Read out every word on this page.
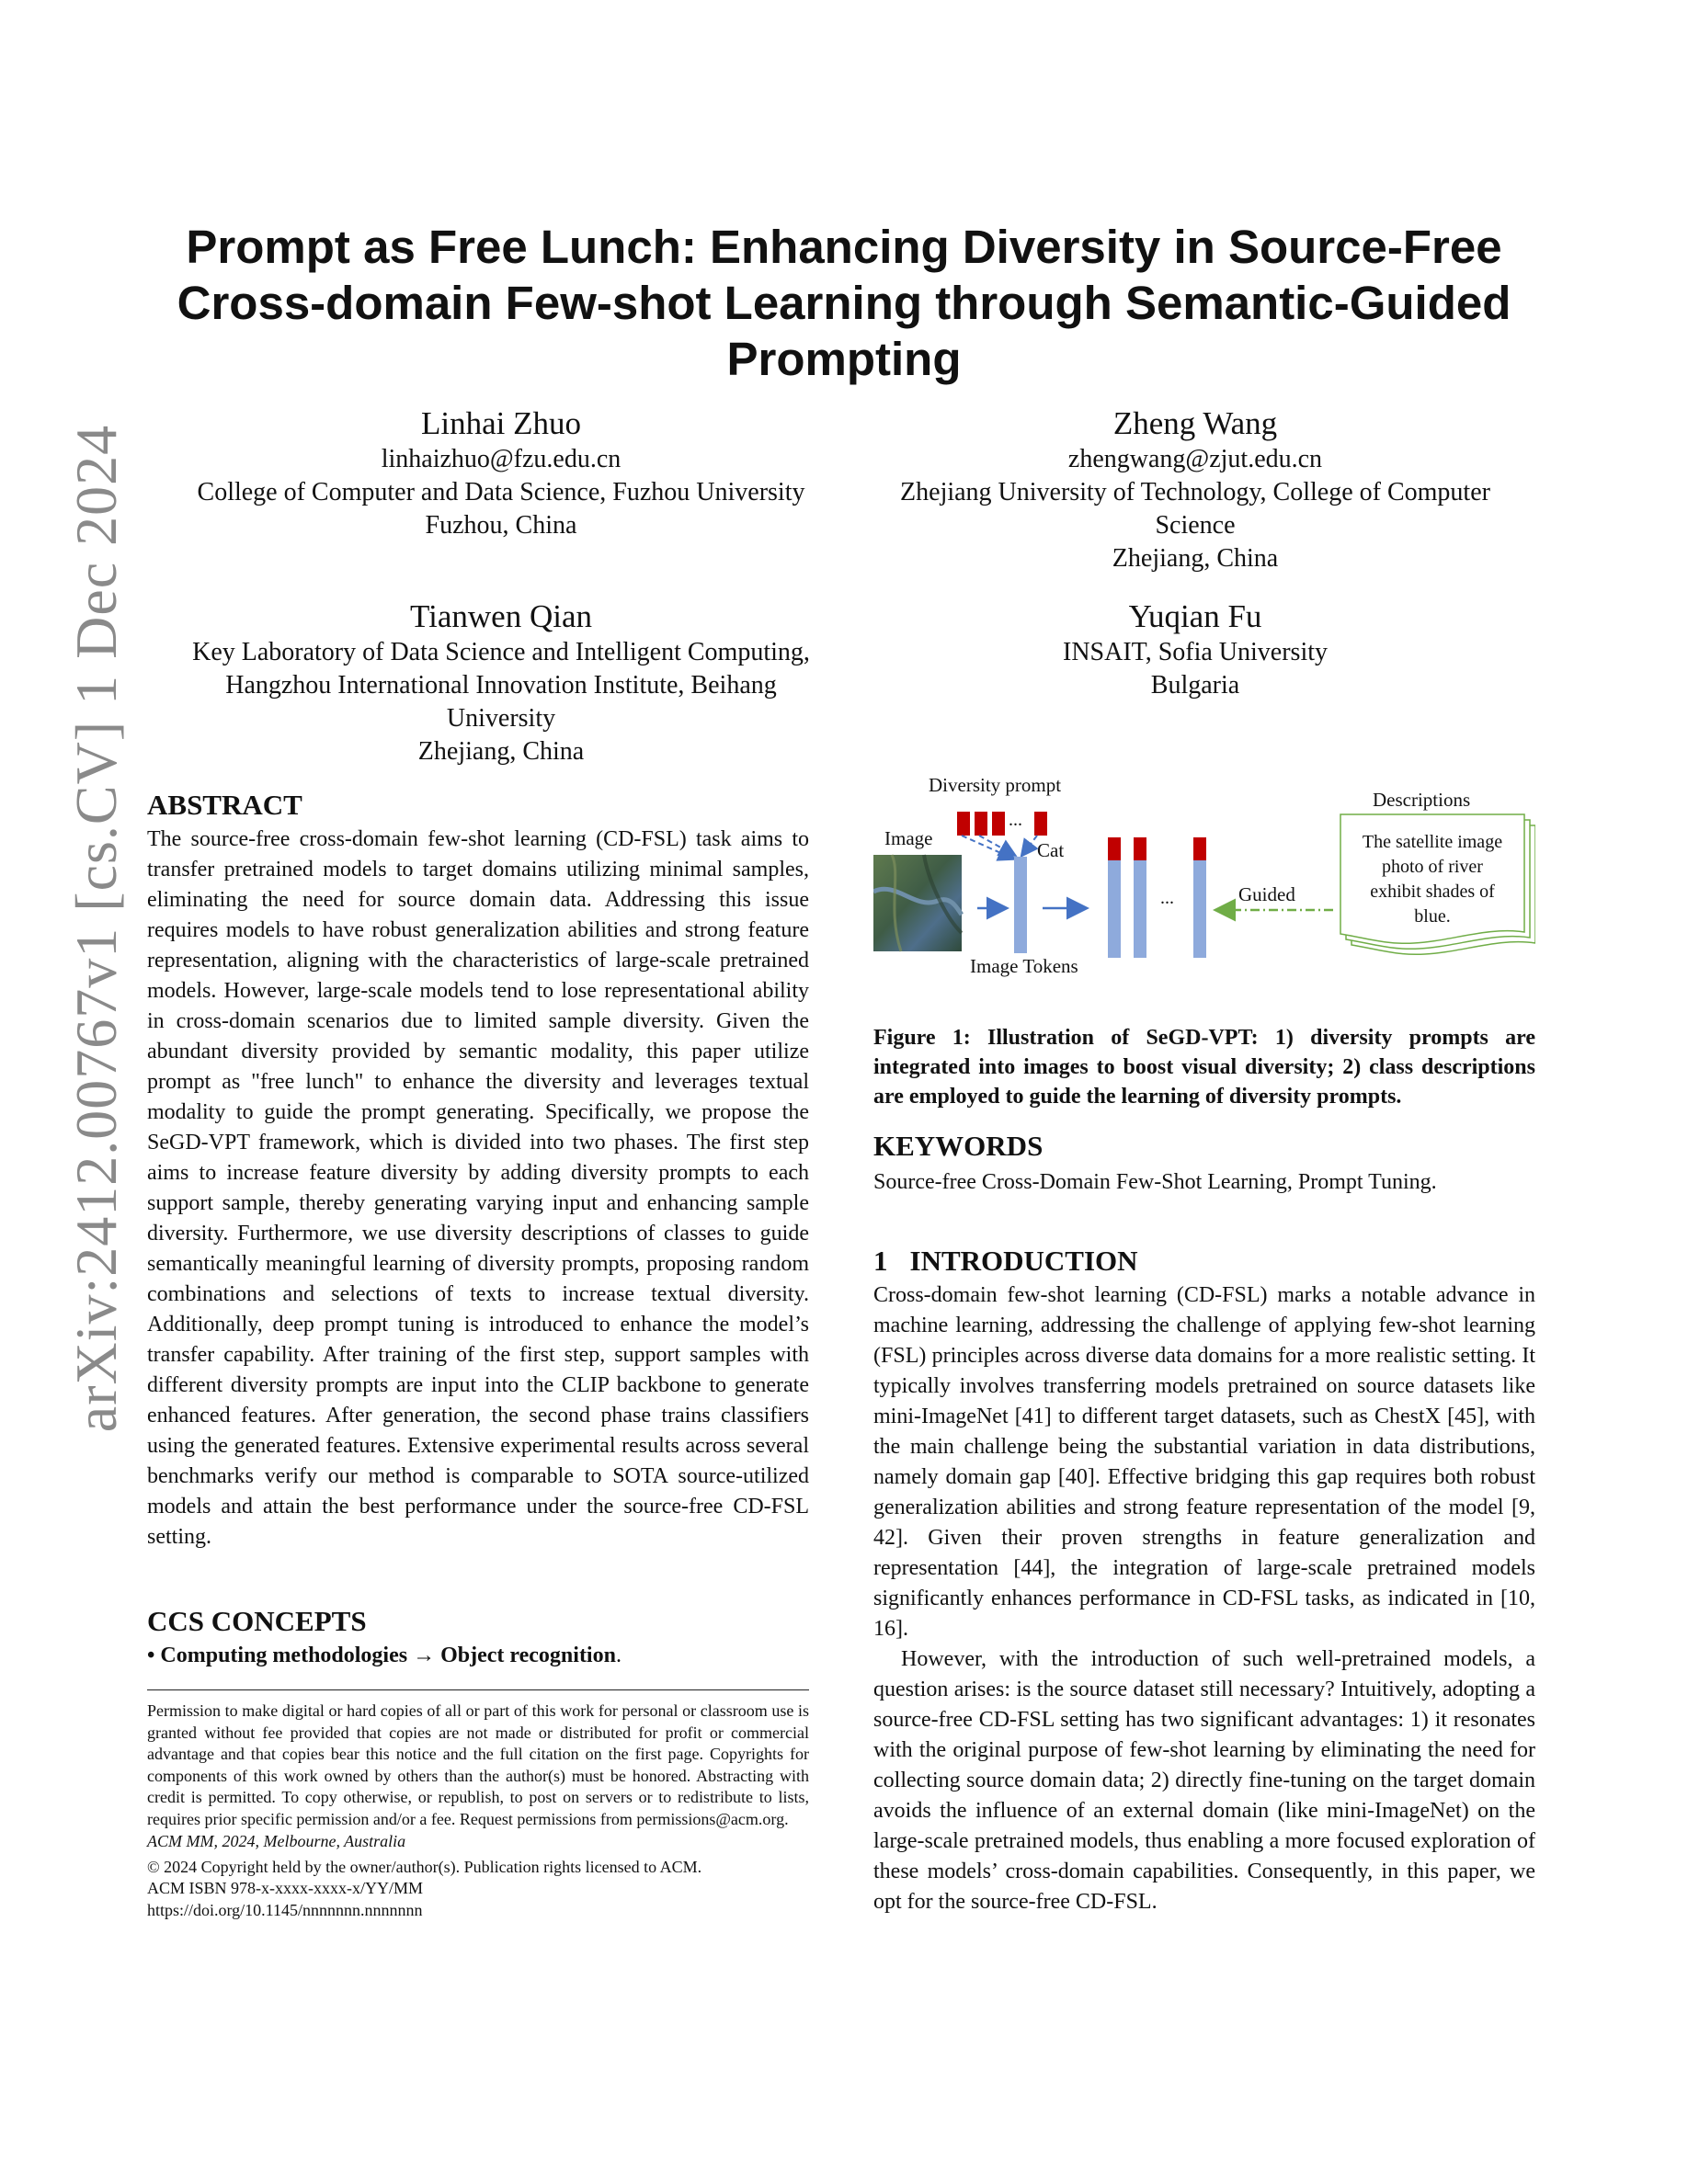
arXiv:2412.00767v1 [cs.CV] 1 Dec 2024
Prompt as Free Lunch: Enhancing Diversity in Source-Free Cross-domain Few-shot Learning through Semantic-Guided Prompting
Linhai Zhuo
linhaizhuo@fzu.edu.cn
College of Computer and Data Science, Fuzhou University
Fuzhou, China
Zheng Wang
zhengwang@zjut.edu.cn
Zhejiang University of Technology, College of Computer
Science
Zhejiang, China
Tianwen Qian
Key Laboratory of Data Science and Intelligent Computing,
Hangzhou International Innovation Institute, Beihang
University
Zhejiang, China
Yuqian Fu
INSAIT, Sofia University
Bulgaria
ABSTRACT

The source-free cross-domain few-shot learning (CD-FSL) task aims to transfer pretrained models to target domains utilizing minimal samples, eliminating the need for source domain data. Addressing this issue requires models to have robust generalization abilities and strong feature representation, aligning with the characteristics of large-scale pretrained models. However, large-scale models tend to lose representational ability in cross-domain scenarios due to limited sample diversity. Given the abundant diversity provided by semantic modality, this paper utilize prompt as "free lunch" to enhance the diversity and leverages textual modality to guide the prompt generating. Specifically, we propose the SeGD-VPT framework, which is divided into two phases. The first step aims to increase feature diversity by adding diversity prompts to each support sample, thereby generating varying input and enhancing sample diversity. Furthermore, we use diversity descriptions of classes to guide semantically meaningful learning of diversity prompts, proposing random combinations and selections of texts to increase textual diversity. Additionally, deep prompt tuning is introduced to enhance the model’s transfer capability. After training of the first step, support samples with different diversity prompts are input into the CLIP backbone to generate enhanced features. After generation, the second phase trains classifiers using the generated features. Extensive experimental results across several benchmarks verify our method is comparable to SOTA source-utilized models and attain the best performance under the source-free CD-FSL setting.

CCS CONCEPTS
• Computing methodologies → Object recognition.

Permission to make digital or hard copies of all or part of this work for personal or classroom use is granted without fee provided that copies are not made or distributed for profit or commercial advantage and that copies bear this notice and the full citation on the first page. Copyrights for components of this work owned by others than the author(s) must be honored. Abstracting with credit is permitted. To copy otherwise, or republish, to post on servers or to redistribute to lists, requires prior specific permission and/or a fee. Request permissions from permissions@acm.org.

ACM MM, 2024, Melbourne, Australia

© 2024 Copyright held by the owner/author(s). Publication rights licensed to ACM.

ACM ISBN 978-x-xxxx-xxxx-x/YY/MM

https://doi.org/10.1145/nnnnnnn.nnnnnnn

Diversity prompt
Image
Cat
Image Tokens
Guided
Descriptions
...
...
The satellite image
photo of river
exhibit shades of
blue.
Figure 1: Illustration of SeGD-VPT: 1) diversity prompts are integrated into images to boost visual diversity; 2) class descriptions are employed to guide the learning of diversity prompts.
KEYWORDS

Source-free Cross-Domain Few-Shot Learning, Prompt Tuning.

1 INTRODUCTION

Cross-domain few-shot learning (CD-FSL) marks a notable advance in machine learning, addressing the challenge of applying few-shot learning (FSL) principles across diverse data domains for a more realistic setting. It typically involves transferring models pretrained on source datasets like mini-ImageNet [41] to different target datasets, such as ChestX [45], with the main challenge being the substantial variation in data distributions, namely domain gap [40]. Effective bridging this gap requires both robust generalization abilities and strong feature representation of the model [9, 42]. Given their proven strengths in feature generalization and representation [44], the integration of large-scale pretrained models significantly enhances performance in CD-FSL tasks, as indicated in [10, 16].

However, with the introduction of such well-pretrained models, a question arises: is the source dataset still necessary? Intuitively, adopting a source-free CD-FSL setting has two significant advantages: 1) it resonates with the original purpose of few-shot learning by eliminating the need for collecting source domain data; 2) directly fine-tuning on the target domain avoids the influence of an external domain (like mini-ImageNet) on the large-scale pretrained models, thus enabling a more focused exploration of these models’ cross-domain capabilities. Consequently, in this paper, we opt for the source-free CD-FSL.
